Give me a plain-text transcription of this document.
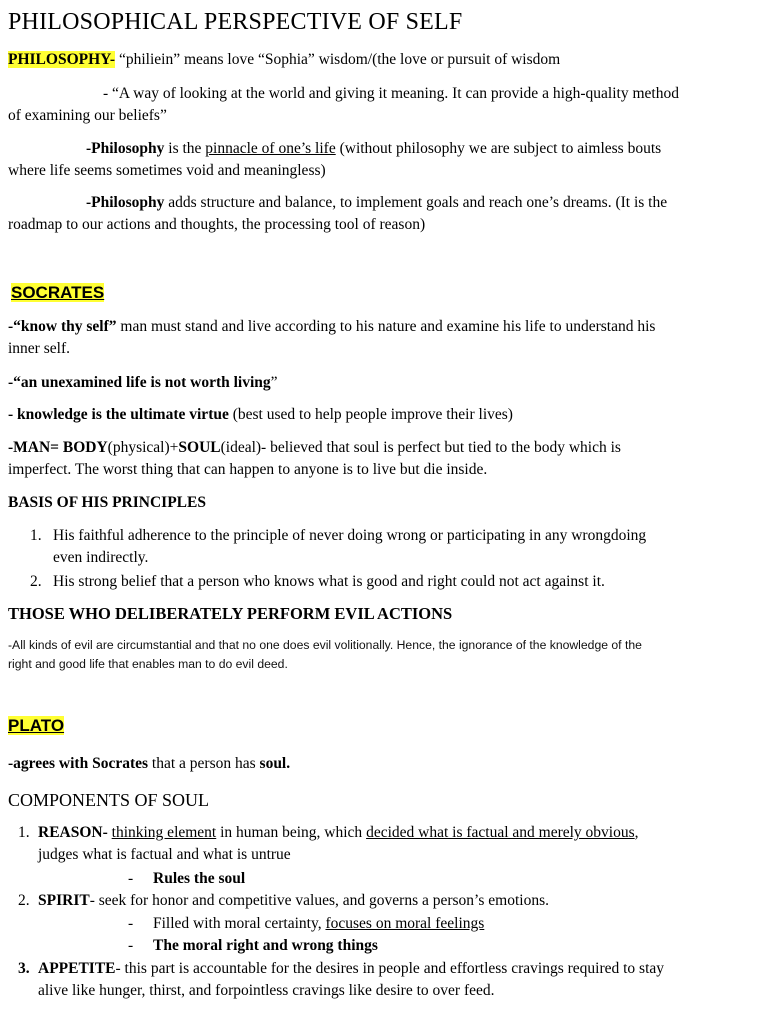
PHILOSOPHICAL PERSPECTIVE OF SELF
PHILOSOPHY- “philiein” means love “Sophia” wisdom/(the love or pursuit of wisdom
- “A way of looking at the world and giving it meaning. It can provide a high-quality method
of examining our beliefs”
-Philosophy is the pinnacle of one’s life (without philosophy we are subject to aimless bouts
where life seems sometimes void and meaningless)
-Philosophy adds structure and balance, to implement goals and reach one’s dreams. (It is the
roadmap to our actions and thoughts, the processing tool of reason)
SOCRATES
-“know thy self” man must stand and live according to his nature and examine his life to understand his
inner self.
-“an unexamined life is not worth living”
- knowledge is the ultimate virtue (best used to help people improve their lives)
-MAN= BODY(physical)+SOUL(ideal)- believed that soul is perfect but tied to the body which is
imperfect. The worst thing that can happen to anyone is to live but die inside.
BASIS OF HIS PRINCIPLES
1. His faithful adherence to the principle of never doing wrong or participating in any wrongdoing
even indirectly.
2. His strong belief that a person who knows what is good and right could not act against it.
THOSE WHO DELIBERATELY PERFORM EVIL ACTIONS
-All kinds of evil are circumstantial and that no one does evil volitionally. Hence, the ignorance of the knowledge of the
right and good life that enables man to do evil deed.
PLATO
-agrees with Socrates that a person has soul.
COMPONENTS OF SOUL
1. REASON- thinking element in human being, which decided what is factual and merely obvious,
judges what is factual and what is untrue
- Rules the soul
2. SPIRIT- seek for honor and competitive values, and governs a person’s emotions.
- Filled with moral certainty, focuses on moral feelings
- The moral right and wrong things
3. APPETITE- this part is accountable for the desires in people and effortless cravings required to stay
alive like hunger, thirst, and forpointless cravings like desire to over feed.
